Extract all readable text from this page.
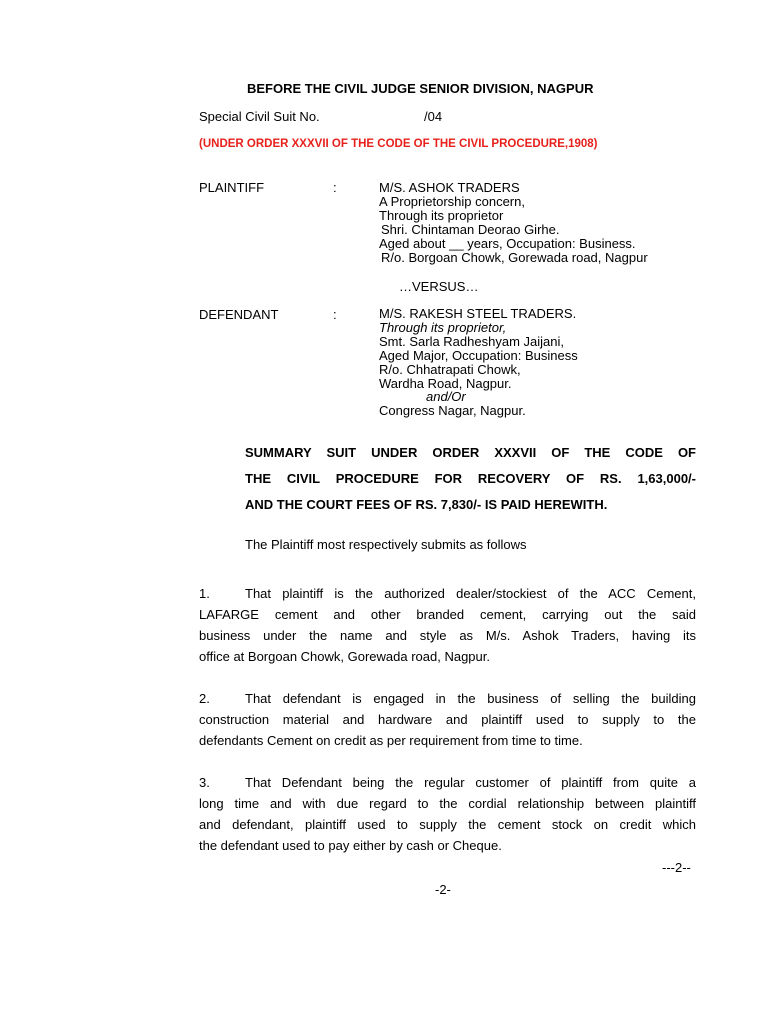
BEFORE THE CIVIL JUDGE SENIOR DIVISION, NAGPUR
Special Civil Suit No.	/04
(UNDER ORDER XXXVII OF THE CODE OF THE CIVIL PROCEDURE,1908)
PLAINTIFF	:	M/S. ASHOK TRADERS
A Proprietorship concern,
Through its proprietor
Shri. Chintaman Deorao Girhe.
Aged about __ years, Occupation: Business.
R/o. Borgoan Chowk, Gorewada road, Nagpur
…VERSUS…
DEFENDANT	:	M/S. RAKESH STEEL TRADERS.
Through its proprietor,
Smt. Sarla Radheshyam Jaijani,
Aged Major, Occupation: Business
R/o. Chhatrapati Chowk,
Wardha Road, Nagpur.
and/Or
Congress Nagar, Nagpur.
SUMMARY SUIT UNDER ORDER XXXVII OF THE CODE OF
THE CIVIL PROCEDURE FOR RECOVERY OF RS. 1,63,000/-
AND THE COURT FEES OF RS. 7,830/- IS PAID HEREWITH.
The Plaintiff most respectively submits as follows
1.	That plaintiff is the authorized dealer/stockiest of the ACC Cement,
LAFARGE cement and other branded cement, carrying out the said
business under the name and style as M/s. Ashok Traders, having its
office at Borgoan Chowk, Gorewada road, Nagpur.
2.	That defendant is engaged in the business of selling the building
construction material and hardware and plaintiff used to supply to the
defendants Cement on credit as per requirement from time to time.
3.	That Defendant being the regular customer of plaintiff from quite a
long time and with due regard to the cordial relationship between plaintiff
and defendant, plaintiff used to supply the cement stock on credit which
the defendant used to pay either by cash or Cheque.
---2--
-2-
